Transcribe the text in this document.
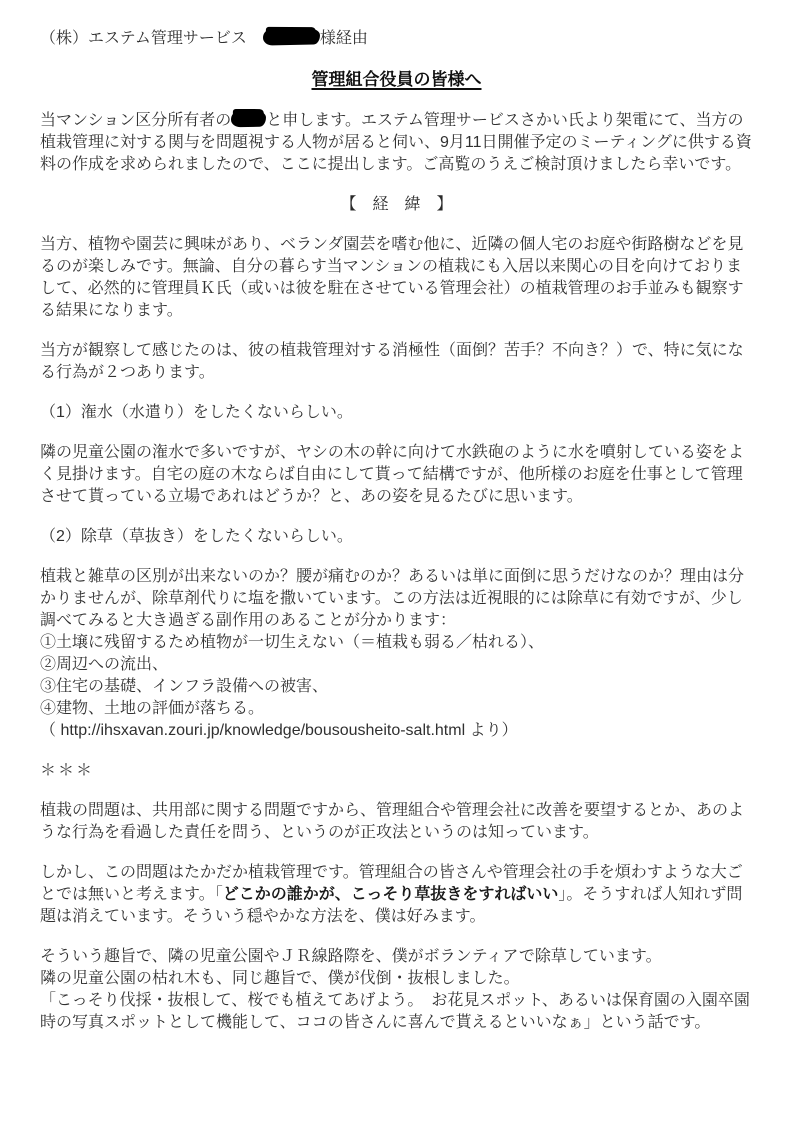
（株）エステム管理サービス　	様経由
管理組合役員の皆様へ

当マンション区分所有者の と申します。エステム管理サービスさかい氏より架電にて、当方の植栽管理に対する関与を問題視する人物が居ると伺い、9月11日開催予定のミーティングに供する資料の作成を求められましたので、ここに提出します。ご高覧のうえご検討頂けましたら幸いです。

【　経　緯　】

当方、植物や園芸に興味があり、ベランダ園芸を嗜む他に、近隣の個人宅のお庭や街路樹などを見るのが楽しみです。無論、自分の暮らす当マンションの植栽にも入居以来関心の目を向けておりまして、必然的に管理員Ｋ氏（或いは彼を駐在させている管理会社）の植栽管理のお手並みも観察する結果になります。

当方が観察して感じたのは、彼の植栽管理対する消極性（面倒？苦手？不向き？）で、特に気になる行為が２つあります。

（1）潅水（水遣り）をしたくないらしい。

隣の児童公園の潅水で多いですが、ヤシの木の幹に向けて水鉄砲のように水を噴射している姿をよく見掛けます。自宅の庭の木ならば自由にして貰って結構ですが、他所様のお庭を仕事として管理させて貰っている立場であれはどうか？と、あの姿を見るたびに思います。

（2）除草（草抜き）をしたくないらしい。

植栽と雑草の区別が出来ないのか？腰が痛むのか？あるいは単に面倒に思うだけなのか？理由は分かりませんが、除草剤代りに塩を撒いています。この方法は近視眼的には除草に有効ですが、少し調べてみると大き過ぎる副作用のあることが分かります：

①土壌に残留するため植物が一切生えない（＝植栽も弱る／枯れる）、
②周辺への流出、
③住宅の基礎、インフラ設備への被害、
④建物、土地の評価が落ちる。
（ http://ihsxavan.zouri.jp/knowledge/bousousheito-salt.html より）
＊＊＊

植栽の問題は、共用部に関する問題ですから、管理組合や管理会社に改善を要望するとか、あのような行為を看過した責任を問う、というのが正攻法というのは知っています。

しかし、この問題はたかだか植栽管理です。管理組合の皆さんや管理会社の手を煩わすような大ごとでは無いと考えます。「どこかの誰かが、こっそり草抜きをすればいい」。そうすれば人知れず問題は消えています。そういう穏やかな方法を、僕は好みます。

そういう趣旨で、隣の児童公園やＪＲ線路際を、僕がボランティアで除草しています。
隣の児童公園の枯れ木も、同じ趣旨で、僕が伐倒・抜根しました。
「こっそり伐採・抜根して、桜でも植えてあげよう。　お花見スポット、あるいは保育園の入園卒園時の写真スポットとして機能して、ココの皆さんに喜んで貰えるといいなぁ」という話です。
